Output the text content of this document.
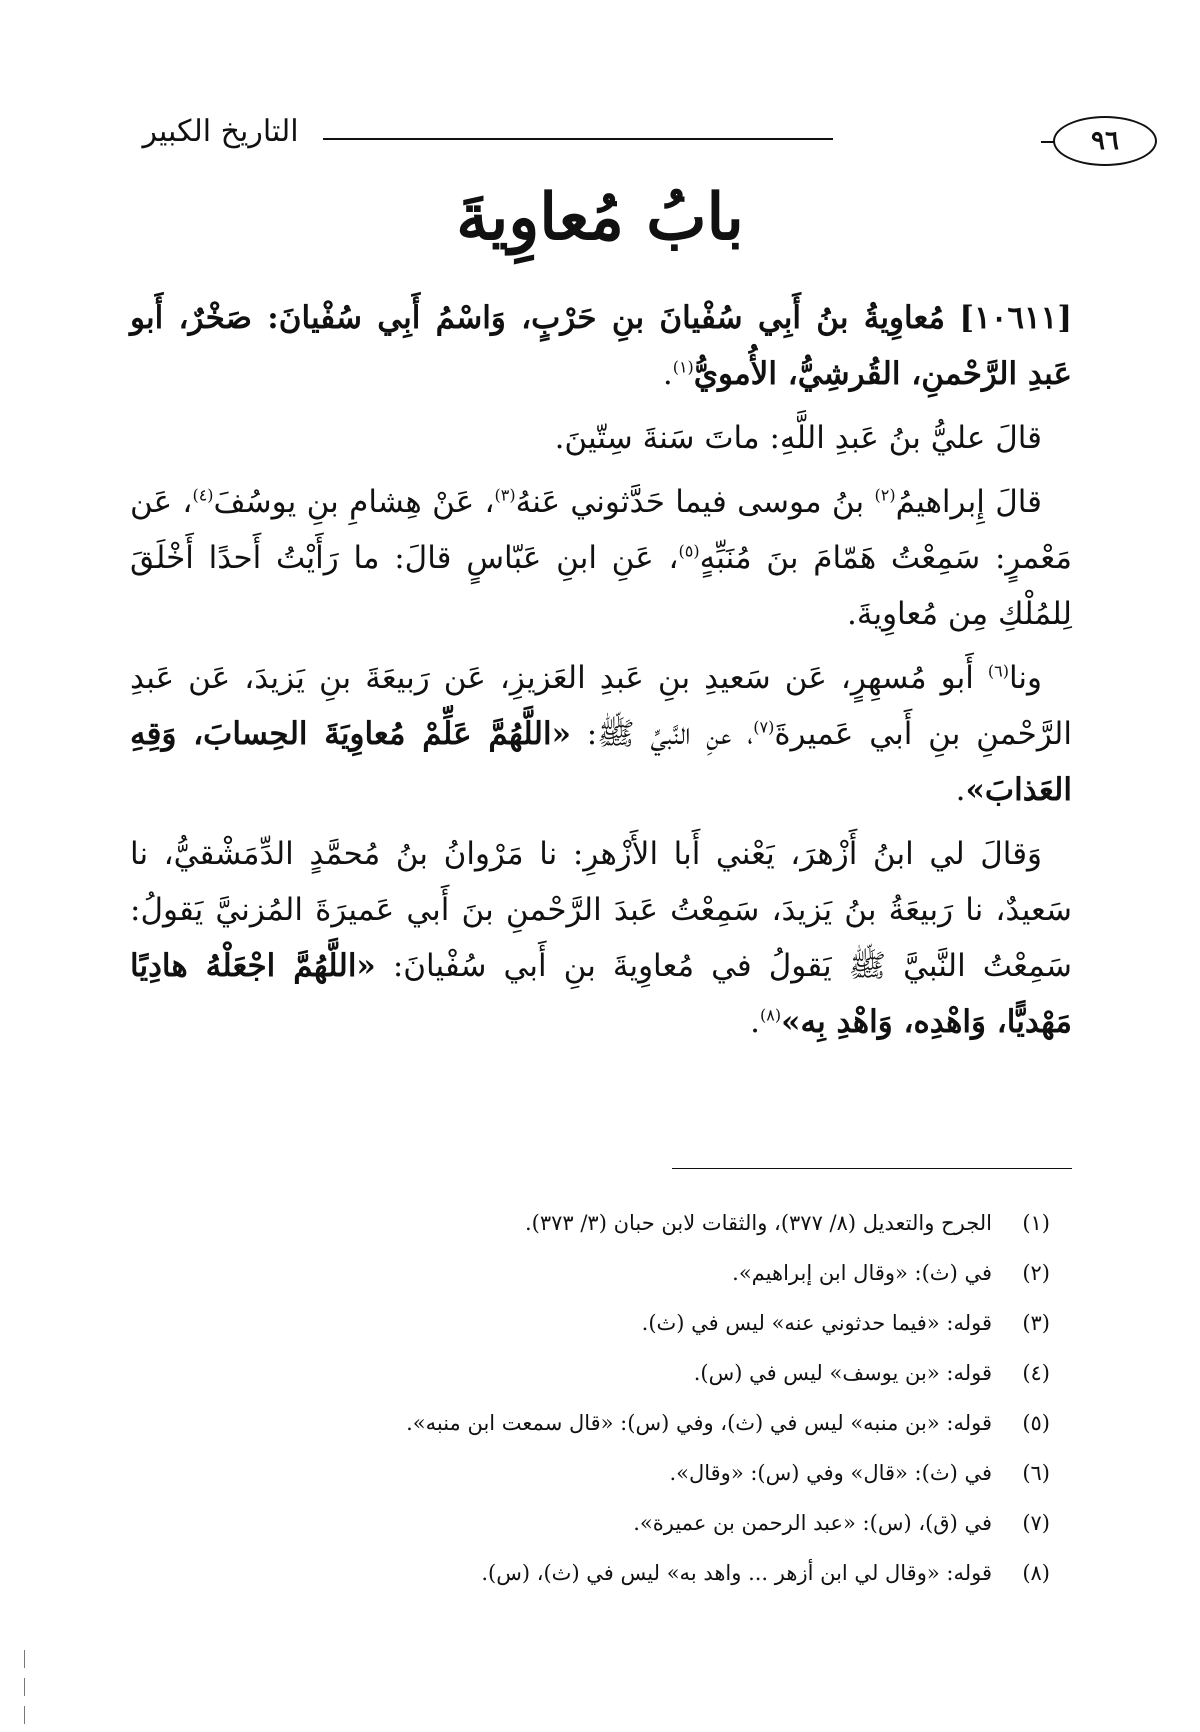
٩٦
التاريخ الكبير
بابُ مُعاوِيةَ

[١٠٦١١] مُعاوِيةُ بنُ أَبِي سُفْيانَ بنِ حَرْبٍ، وَاسْمُ أَبِي سُفْيانَ: صَخْرٌ، أَبو عَبدِ الرَّحْمنِ، القُرشِيُّ، الأُمويُّ$^{(١)}$.

قالَ عليُّ بنُ عَبدِ اللَّهِ: ماتَ سَنةَ سِتّينَ.

قالَ إِبراهيمُ$^{(٢)}$ بنُ موسى فيما حَدَّثوني عَنهُ$^{(٣)}$، عَنْ هِشامِ بنِ يوسُفَ$^{(٤)}$، عَن مَعْمرٍ: سَمِعْتُ هَمّامَ بنَ مُنَبِّهٍ$^{(٥)}$، عَنِ ابنِ عَبّاسٍ قالَ: ما رَأَيْتُ أَحدًا أَخْلَقَ لِلمُلْكِ مِن مُعاوِيةَ.

ونا$^{(٦)}$ أَبو مُسهِرٍ، عَن سَعيدِ بنِ عَبدِ العَزيزِ، عَن رَبيعَةَ بنِ يَزيدَ، عَن عَبدِ الرَّحْمنِ بنِ أَبي عَميرةَ$^{(٧)}$، عنِ النَّبيِّ ﷺ: «اللَّهُمَّ عَلِّمْ مُعاوِيَةَ الحِسابَ، وَقِهِ العَذابَ».

وَقالَ لي ابنُ أَزْهرَ، يَعْني أَبا الأَزْهرِ: نا مَرْوانُ بنُ مُحمَّدٍ الدِّمَشْقيُّ، نا سَعيدٌ، نا رَبيعَةُ بنُ يَزيدَ، سَمِعْتُ عَبدَ الرَّحْمنِ بنَ أَبي عَميرَةَ المُزنيَّ يَقولُ: سَمِعْتُ النَّبيَّ ﷺ يَقولُ في مُعاوِيةَ بنِ أَبي سُفْيانَ: «اللَّهُمَّ اجْعَلْهُ هادِيًا مَهْديًّا، وَاهْدِه، وَاهْدِ بِه»$^{(٨)}$.

(١)
الجرح والتعديل (٨/ ٣٧٧)، والثقات لابن حبان (٣/ ٣٧٣).
(٢)
في (ث): «وقال ابن إبراهيم».
(٣)
قوله: «فيما حدثوني عنه» ليس في (ث).
(٤)
قوله: «بن يوسف» ليس في (س).
(٥)
قوله: «بن منبه» ليس في (ث)، وفي (س): «قال سمعت ابن منبه».
(٦)
في (ث): «قال» وفي (س): «وقال».
(٧)
في (ق)، (س): «عبد الرحمن بن عميرة».
(٨)
قوله: «وقال لي ابن أزهر ... واهد به» ليس في (ث)، (س).
